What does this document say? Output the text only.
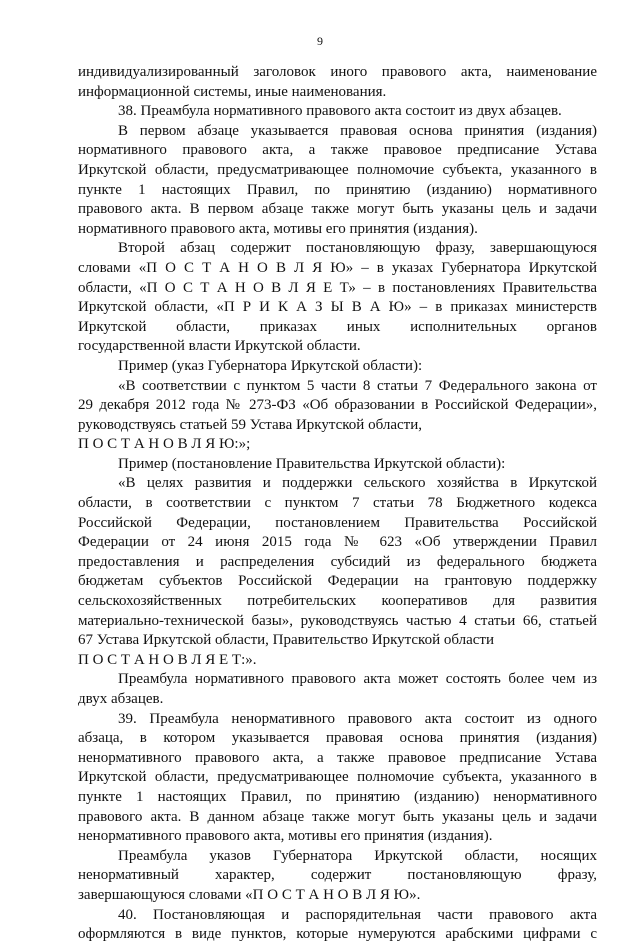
9
индивидуализированный заголовок иного правового акта, наименование
информационной системы, иные наименования.
38. Преамбула нормативного правового акта состоит из двух абзацев.
В первом абзаце указывается правовая основа принятия (издания)
нормативного правового акта, а также правовое предписание Устава
Иркутской области, предусматривающее полномочие субъекта, указанного в
пункте 1 настоящих Правил, по принятию (изданию) нормативного
правового акта. В первом абзаце также могут быть указаны цель и задачи
нормативного правового акта, мотивы его принятия (издания).
Второй абзац содержит постановляющую фразу, завершающуюся
словами «П О С Т А Н О В Л Я Ю» – в указах Губернатора Иркутской
области, «П О С Т А Н О В Л Я Е Т» – в постановлениях Правительства
Иркутской области, «П Р И К А З Ы В А Ю» – в приказах министерств
Иркутской области, приказах иных исполнительных органов
государственной власти Иркутской области.
Пример (указ Губернатора Иркутской области):
«В соответствии с пунктом 5 части 8 статьи 7 Федерального закона от
29 декабря 2012 года № 273-ФЗ «Об образовании в Российской Федерации»,
руководствуясь статьей 59 Устава Иркутской области,
П О С Т А Н О В Л Я Ю:»;
Пример (постановление Правительства Иркутской области):
«В целях развития и поддержки сельского хозяйства в Иркутской
области, в соответствии с пунктом 7 статьи 78 Бюджетного кодекса
Российской Федерации, постановлением Правительства Российской
Федерации от 24 июня 2015 года № 623 «Об утверждении Правил
предоставления и распределения субсидий из федерального бюджета
бюджетам субъектов Российской Федерации на грантовую поддержку
сельскохозяйственных потребительских кооперативов для развития
материально-технической базы», руководствуясь частью 4 статьи 66, статьей
67 Устава Иркутской области, Правительство Иркутской области
П О С Т А Н О В Л Я Е Т:».
Преамбула нормативного правового акта может состоять более чем из
двух абзацев.
39. Преамбула ненормативного правового акта состоит из одного
абзаца, в котором указывается правовая основа принятия (издания)
ненормативного правового акта, а также правовое предписание Устава
Иркутской области, предусматривающее полномочие субъекта, указанного в
пункте 1 настоящих Правил, по принятию (изданию) ненормативного
правового акта. В данном абзаце также могут быть указаны цель и задачи
ненормативного правового акта, мотивы его принятия (издания).
Преамбула указов Губернатора Иркутской области, носящих
ненормативный характер, содержит постановляющую фразу,
завершающуюся словами «П О С Т А Н О В Л Я Ю».
40. Постановляющая и распорядительная части правового акта
оформляются в виде пунктов, которые нумеруются арабскими цифрами с
